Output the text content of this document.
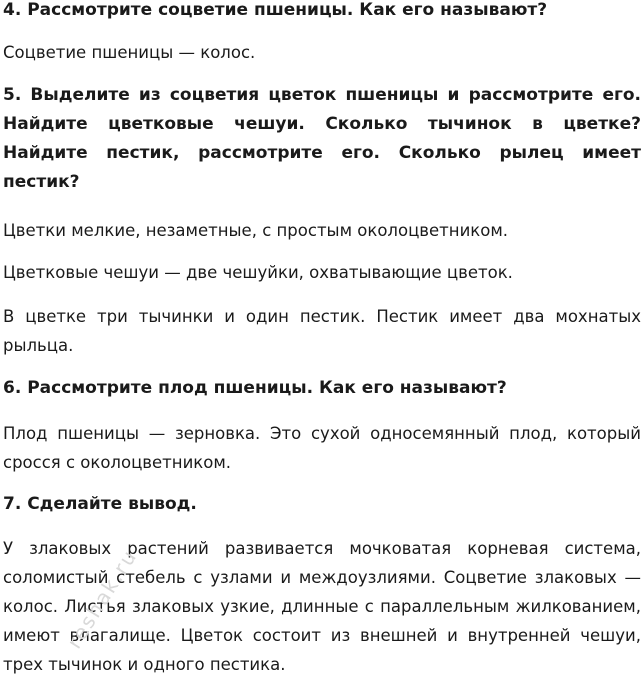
4. Рассмотрите соцветие пшеницы. Как его называют?

Соцветие пшеницы — колос.

5. Выделите из соцветия цветок пшеницы и рассмотрите его. Найдите цветковые чешуи. Сколько тычинок в цветке? Найдите пестик, рассмотрите его. Сколько рылец имеет пестик?

Цветки мелкие, незаметные, с простым околоцветником.

Цветковые чешуи — две чешуйки, охватывающие цветок.

В цветке три тычинки и один пестик. Пестик имеет два мохнатых рыльца.

6. Рассмотрите плод пшеницы. Как его называют?

Плод пшеницы — зерновка. Это сухой односемянный плод, который сросся с околоцветником.

7. Сделайте вывод.

У злаковых растений развивается мочковатая корневая система, соломистый стебель с узлами и междоузлиями. Соцветие злаковых — колос. Листья злаковых узкие, длинные с параллельным жилкованием, имеют влагалище. Цветок состоит из внешней и внутренней чешуи, трех тычинок и одного пестика.

reshak.ru
